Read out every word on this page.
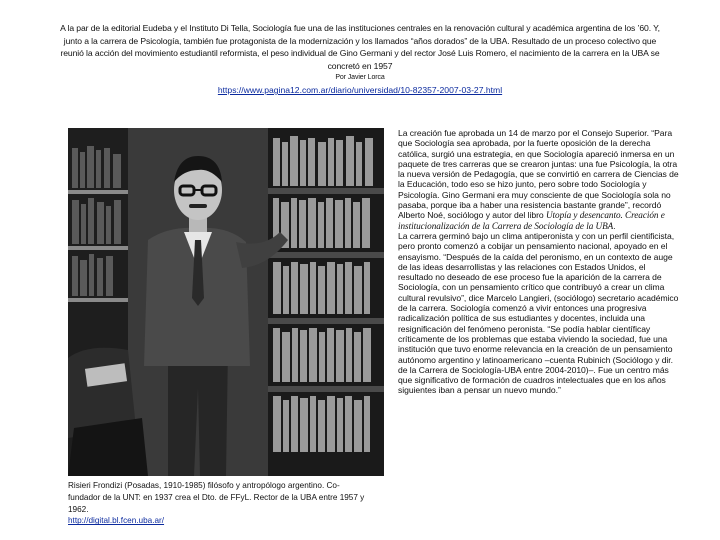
A la par de la editorial Eudeba y el Instituto Di Tella, Sociología fue una de las instituciones centrales en la renovación cultural y académica argentina de los ’60. Y, junto a la carrera de Psicología, también fue protagonista de la modernización y los llamados “años dorados” de la UBA. Resultado de un proceso colectivo que reunió la acción del movimiento estudiantil reformista, el peso individual de Gino Germani y del rector José Luis Romero, el nacimiento de la carrera en la UBA se concretó en 1957

Por Javier Lorca

https://www.pagina12.com.ar/diario/universidad/10-82357-2007-03-27.html

Risieri Frondizi (Posadas, 1910-1985) filósofo y antropólogo argentino. Co-fundador de la UNT: en 1937 crea el Dto. de FFyL. Rector de la UBA entre 1957 y 1962.

http://digital.bl.fcen.uba.ar/

La creación fue aprobada un 14 de marzo por el Consejo Superior. “Para que Sociología sea aprobada, por la fuerte oposición de la derecha católica, surgió una estrategia, en que Sociología apareció inmersa en un paquete de tres carreras que se crearon juntas: una fue Psicología, la otra la nueva versión de Pedagogía, que se convirtió en carrera de Ciencias de la Educación, todo eso se hizo junto, pero sobre todo Sociología y Psicología. Gino Germani era muy consciente de que Sociología sola no pasaba, porque iba a haber una resistencia bastante grande”, recordó Alberto Noé, sociólogo y autor del libro Utopía y desencanto. Creación e institucionalización de la Carrera de Sociología de la UBA.

La carrera germinó bajo un clima antiperonista y con un perfil cientificista, pero pronto comenzó a cobijar un pensamiento nacional, apoyado en el ensayismo. “Después de la caída del peronismo, en un contexto de auge de las ideas desarrollistas y las relaciones con Estados Unidos, el resultado no deseado de ese proceso fue la aparición de la carrera de Sociología, con un pensamiento crítico que contribuyó a crear un clima cultural revulsivo”, dice Marcelo Langieri, (sociólogo) secretario académico de la carrera. Sociología comenzó a vivir entonces una progresiva radicalización política de sus estudiantes y docentes, incluida una resignificación del fenómeno peronista. “Se podía hablar científicay críticamente de los problemas que estaba viviendo la sociedad, fue una institución que tuvo enorme relevancia en la creación de un pensamiento autónomo argentino y latinoamericano –cuenta Rubinich (Sociólogo y dir. de la Carrera de Sociología-UBA entre 2004-2010)–. Fue un centro más que significativo de formación de cuadros intelectuales que en los años siguientes iban a pensar un nuevo mundo.”
